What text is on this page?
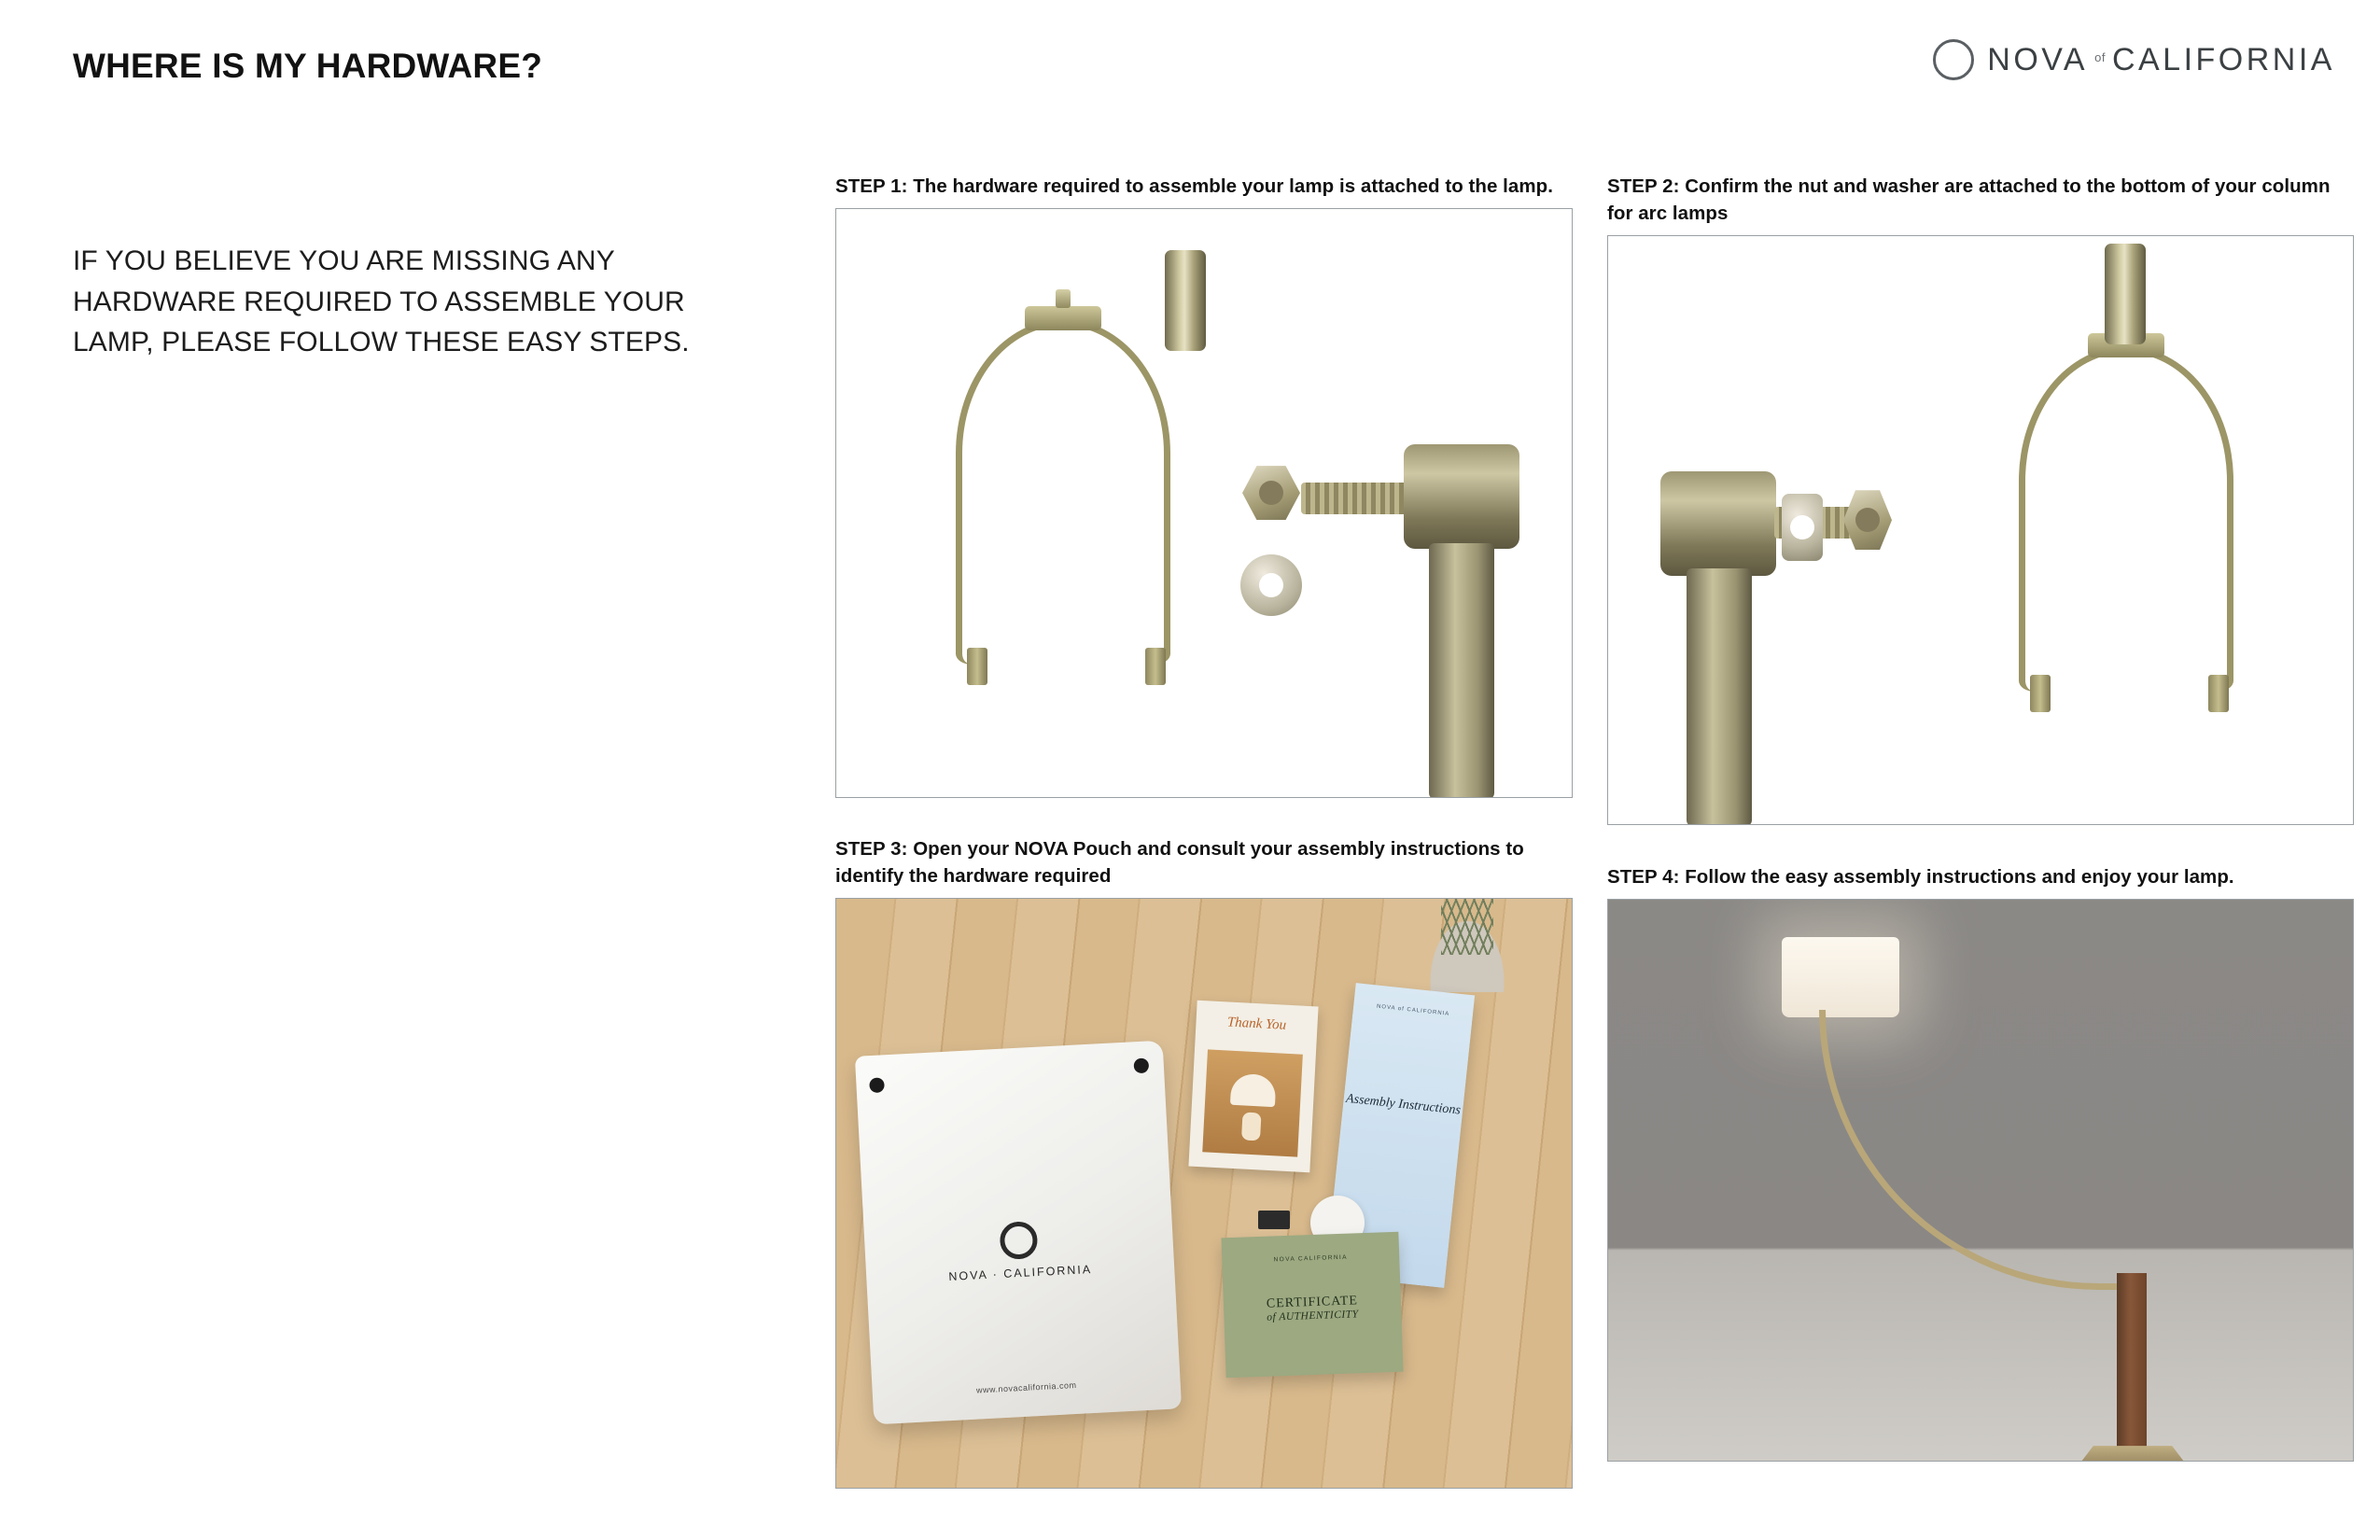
WHERE IS MY HARDWARE?	NOVA of CALIFORNIA
IF YOU BELIEVE YOU ARE MISSING ANY HARDWARE REQUIRED TO ASSEMBLE YOUR LAMP, PLEASE FOLLOW THESE EASY STEPS.
STEP 1: The hardware required to assemble your lamp is attached to the lamp.	STEP 2: Confirm the nut and washer are attached to the bottom of your column for arc lamps
STEP 3: Open your NOVA Pouch and consult your assembly instructions to identify the hardware required
NOVA · CALIFORNIA
www.novacalifornia.com
Thank You
NOVA of CALIFORNIA
Assembly Instructions
NOVA CALIFORNIA
CERTIFICATE
of AUTHENTICITY
STEP 4: Follow the easy assembly instructions and enjoy your lamp.
